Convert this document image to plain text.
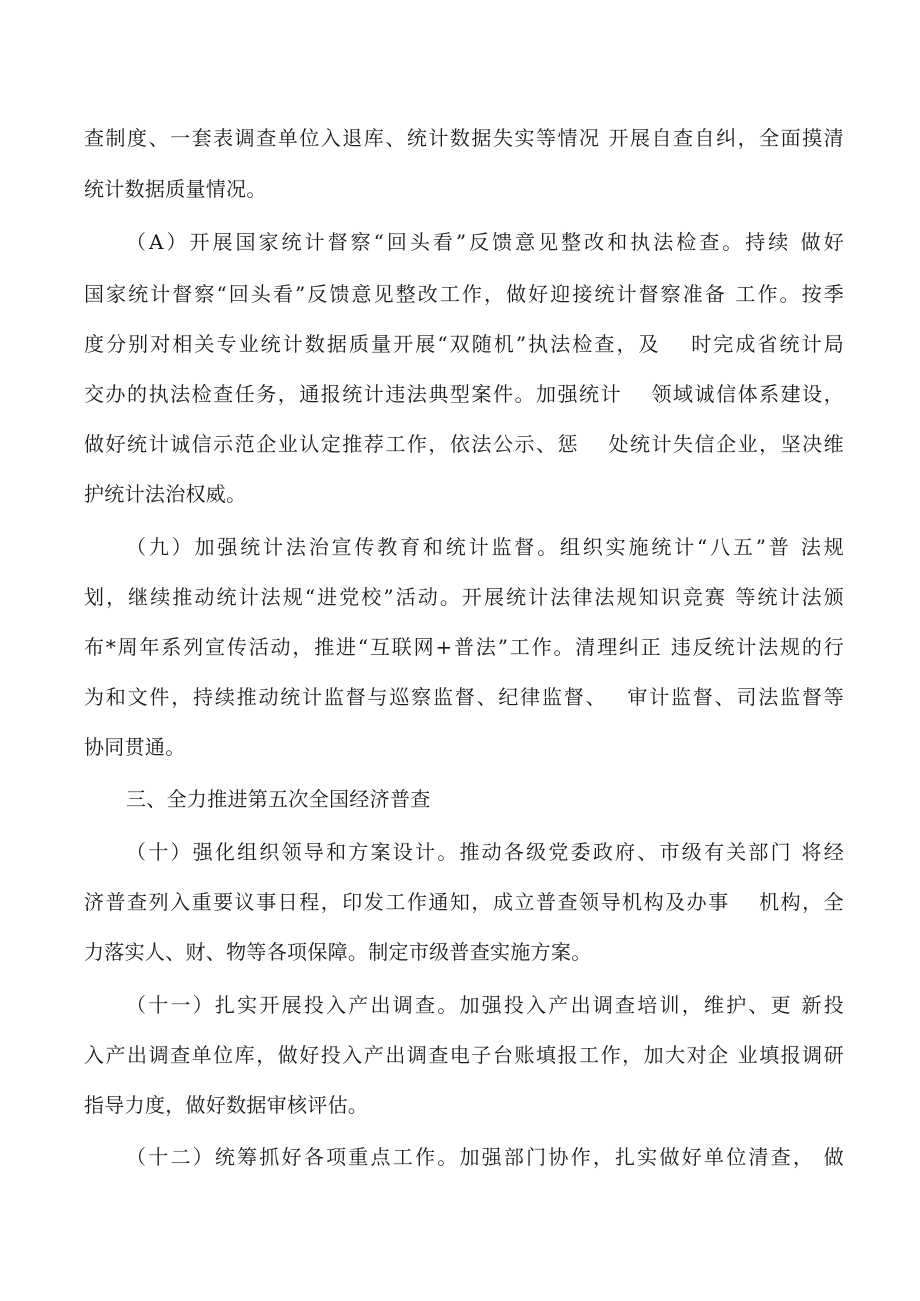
查制度、一套表调查单位入退库、统计数据失实等情况 开展自查自纠，全面摸清
统计数据质量情况。
（A）开展国家统计督察“回头看”反馈意见整改和执法检查。持续 做好
国家统计督察“回头看”反馈意见整改工作，做好迎接统计督察准备 工作。按季
度分别对相关专业统计数据质量开展“双随机”执法检查，及　 时完成省统计局
交办的执法检查任务，通报统计违法典型案件。加强统计　 领域诚信体系建设，
做好统计诚信示范企业认定推荐工作，依法公示、惩　 处统计失信企业，坚决维
护统计法治权威。
（九）加强统计法治宣传教育和统计监督。组织实施统计“八五”普 法规
划，继续推动统计法规“进党校”活动。开展统计法律法规知识竞赛 等统计法颁
布*周年系列宣传活动，推进“互联网+普法”工作。清理纠正 违反统计法规的行
为和文件，持续推动统计监督与巡察监督、纪律监督、　 审计监督、司法监督等
协同贯通。
三、全力推进第五次全国经济普查
（十）强化组织领导和方案设计。推动各级党委政府、市级有关部门 将经
济普查列入重要议事日程，印发工作通知，成立普查领导机构及办事　 机构，全
力落实人、财、物等各项保障。制定市级普查实施方案。
（十一）扎实开展投入产出调查。加强投入产出调查培训，维护、更 新投
入产出调查单位库，做好投入产出调查电子台账填报工作，加大对企 业填报调研
指导力度，做好数据审核评估。
（十二）统筹抓好各项重点工作。加强部门协作，扎实做好单位清查， 做
